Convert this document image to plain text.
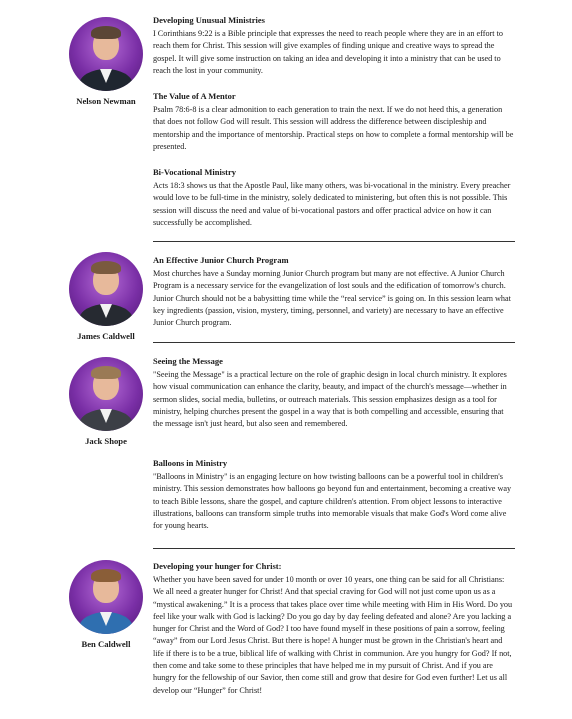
Nelson Newman
James Caldwell
Jack Shope
Ben Caldwell
Developing Unusual Ministries

I Corinthians 9:22 is a Bible principle that expresses the need to reach people where they are in an effort to reach them for Christ. This session will give examples of finding unique and creative ways to spread the gospel. It will give some instruction on taking an idea and developing it into a ministry that can be used to reach the lost in your community.

The Value of A Mentor

Psalm 78:6-8 is a clear admonition to each generation to train the next. If we do not heed this, a generation that does not follow God will result. This session will address the difference between discipleship and mentorship and the importance of mentorship. Practical steps on how to complete a formal mentorship will be presented.

Bi-Vocational Ministry

Acts 18:3 shows us that the Apostle Paul, like many others, was bi-vocational in the ministry. Every preacher would love to be full-time in the ministry, solely dedicated to ministering, but often this is not possible. This session will discuss the need and value of bi-vocational pastors and offer practical advice on how it can successfully be accomplished.

An Effective Junior Church Program

Most churches have a Sunday morning Junior Church program but many are not effective. A Junior Church Program is a necessary service for the evangelization of lost souls and the edification of tomorrow's church. Junior Church should not be a babysitting time while the “real service” is going on. In this session learn what key ingredients (passion, vision, mystery, timing, personnel, and variety) are necessary to have an effective Junior Church program.

Seeing the Message

"Seeing the Message" is a practical lecture on the role of graphic design in local church ministry. It explores how visual communication can enhance the clarity, beauty, and impact of the church's message—whether in sermon slides, social media, bulletins, or outreach materials. This session emphasizes design as a tool for ministry, helping churches present the gospel in a way that is both compelling and accessible, ensuring that the message isn't just heard, but also seen and remembered.

Balloons in Ministry

"Balloons in Ministry" is an engaging lecture on how twisting balloons can be a powerful tool in children's ministry. This session demonstrates how balloons go beyond fun and entertainment, becoming a creative way to teach Bible lessons, share the gospel, and capture children's attention. From object lessons to interactive illustrations, balloons can transform simple truths into memorable visuals that make God's Word come alive for young hearts.

Developing your hunger for Christ:

Whether you have been saved for under 10 month or over 10 years, one thing can be said for all Christians: We all need a greater hunger for Christ! And that special craving for God will not just come upon us as a “mystical awakening.” It is a process that takes place over time while meeting with Him in His Word. Do you feel like your walk with God is lacking? Do you go day by day feeling defeated and alone? Are you lacking a hunger for Christ and the Word of God? I too have found myself in these positions of pain a sorrow, feeling “away” from our Lord Jesus Christ. But there is hope! A hunger must be grown in the Christian's heart and life if there is to be a true, biblical life of walking with Christ in communion. Are you hungry for God? If not, then come and take some to these principles that have helped me in my pursuit of Christ. And if you are hungry for the fellowship of our Savior, then come still and grow that desire for God even further! Let us all develop our “Hunger” for Christ!
